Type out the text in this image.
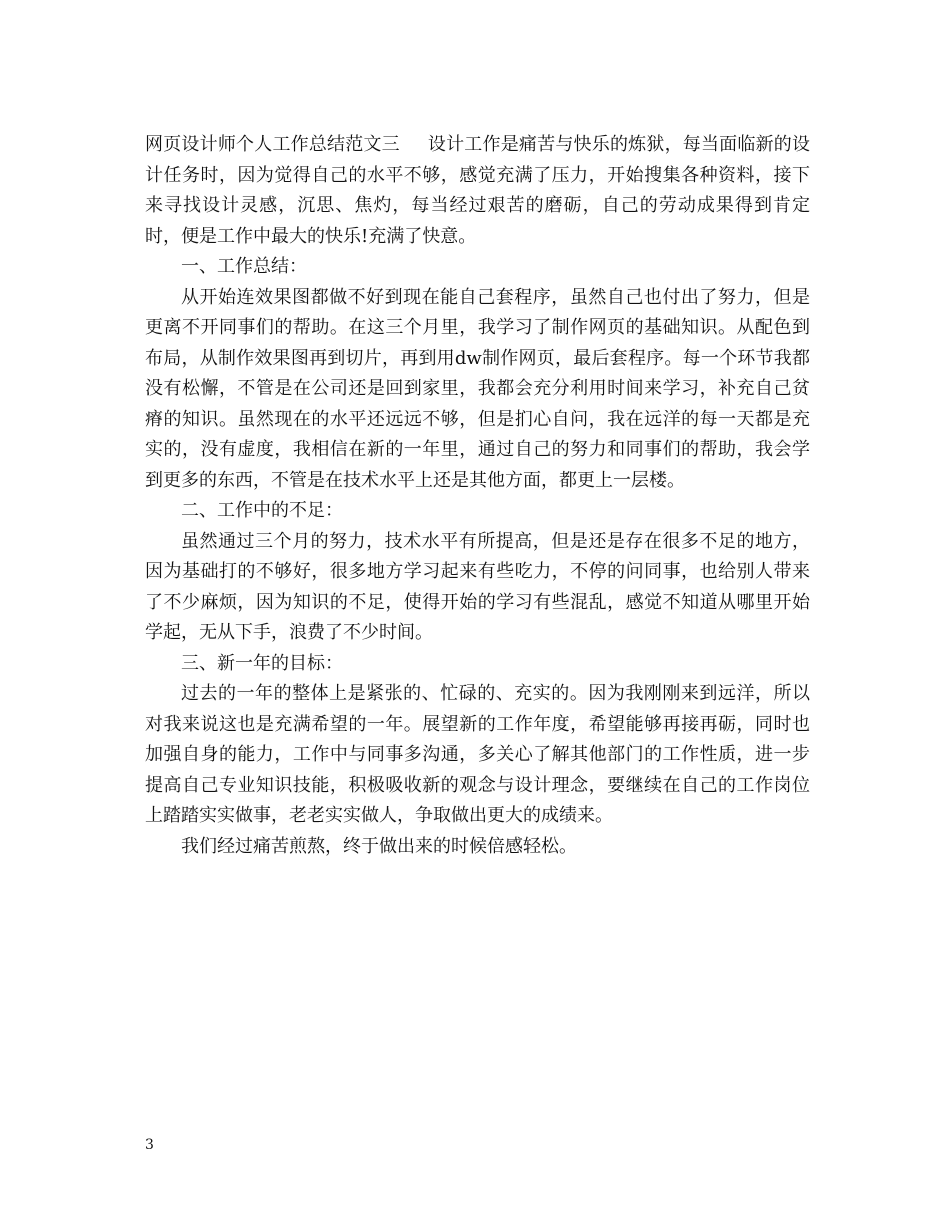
网页设计师个人工作总结范文三 设计工作是痛苦与快乐的炼狱，每当面临新的设计任务时，因为觉得自己的水平不够，感觉充满了压力，开始搜集各种资料，接下来寻找设计灵感，沉思、焦灼，每当经过艰苦的磨砺，自己的劳动成果得到肯定时，便是工作中最大的快乐!充满了快意。

一、工作总结：

从开始连效果图都做不好到现在能自己套程序，虽然自己也付出了努力，但是更离不开同事们的帮助。在这三个月里，我学习了制作网页的基础知识。从配色到布局，从制作效果图再到切片，再到用dw制作网页，最后套程序。每一个环节我都没有松懈，不管是在公司还是回到家里，我都会充分利用时间来学习，补充自己贫瘠的知识。虽然现在的水平还远远不够，但是扪心自问，我在远洋的每一天都是充实的，没有虚度，我相信在新的一年里，通过自己的努力和同事们的帮助，我会学到更多的东西，不管是在技术水平上还是其他方面，都更上一层楼。

二、工作中的不足：

虽然通过三个月的努力，技术水平有所提高，但是还是存在很多不足的地方，因为基础打的不够好，很多地方学习起来有些吃力，不停的问同事，也给别人带来了不少麻烦，因为知识的不足，使得开始的学习有些混乱，感觉不知道从哪里开始学起，无从下手，浪费了不少时间。

三、新一年的目标：

过去的一年的整体上是紧张的、忙碌的、充实的。因为我刚刚来到远洋，所以对我来说这也是充满希望的一年。展望新的工作年度，希望能够再接再砺，同时也加强自身的能力，工作中与同事多沟通，多关心了解其他部门的工作性质，进一步提高自己专业知识技能，积极吸收新的观念与设计理念，要继续在自己的工作岗位上踏踏实实做事，老老实实做人，争取做出更大的成绩来。

我们经过痛苦煎熬，终于做出来的时候倍感轻松。

3
